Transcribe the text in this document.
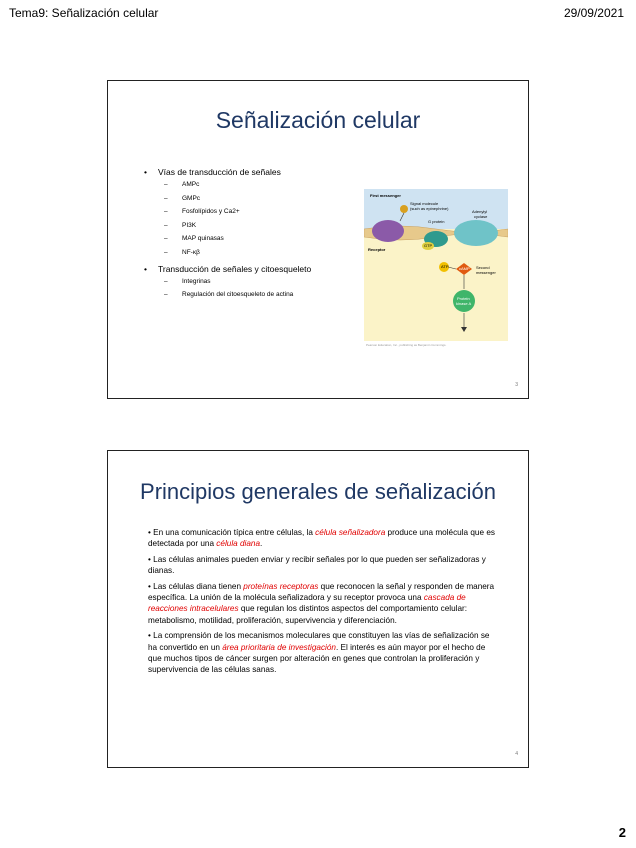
Tema9: Señalización celular	29/09/2021
Señalización celular
• Vías de transducción de señales
– AMPc
– GMPc
– Fosfolípidos y Ca2+
– PI3K
– MAP quinasas
– NF-κβ
• Transducción de señales y citoesqueleto
– Integrinas
– Regulación del citoesqueleto de actina
First messenger
Signal molecule
(such as epinephrine)
G protein
Adenylyl
cyclase
Receptor
GTP
ATP	cAMP Second
messenger
Protein
kinase A
Pearson Education, Inc., publishing as Benjamin Cummings.
3
Principios generales de señalización

• En una comunicación típica entre células, la célula señalizadora produce una molécula que es detectada por una célula diana.

• Las células animales pueden enviar y recibir señales por lo que pueden ser señalizadoras y dianas.

• Las células diana tienen proteínas receptoras que reconocen la señal y responden de manera específica. La unión de la molécula señalizadora y su receptor provoca una cascada de reacciones intracelulares que regulan los distintos aspectos del comportamiento celular: metabolismo, motilidad, proliferación, supervivencia y diferenciación.

• La comprensión de los mecanismos moleculares que constituyen las vías de señalización se ha convertido en un área prioritaria de investigación. El interés es aún mayor por el hecho de que muchos tipos de cáncer surgen por alteración en genes que controlan la proliferación y supervivencia de las células sanas.

4
2
